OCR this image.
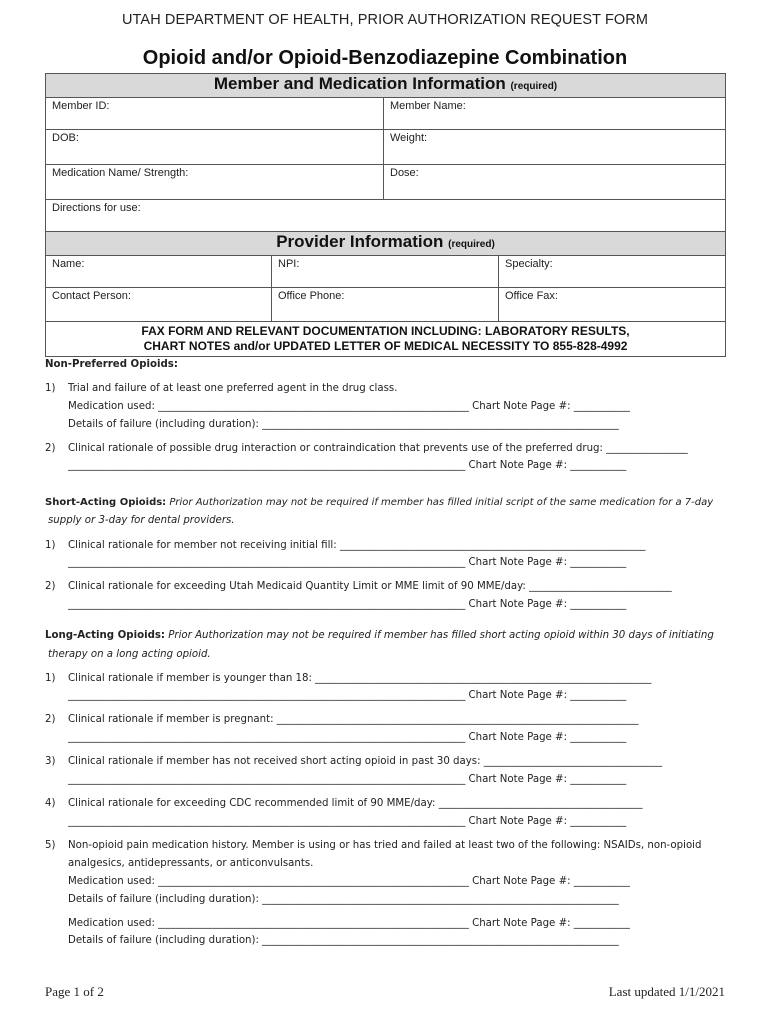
UTAH DEPARTMENT OF HEALTH, PRIOR AUTHORIZATION REQUEST FORM
Opioid and/or Opioid-Benzodiazepine Combination
Member and Medication Information (required)	
Member ID:	Member Name:
DOB:	Weight:
Medication Name/ Strength:	Dose:
Directions for use:	
Provider Information (required)		
Name:	NPI:	Specialty:
Contact Person:	Office Phone:	Office Fax:

FAX FORM AND RELEVANT DOCUMENTATION INCLUDING: LABORATORY RESULTS,
CHART NOTES and/or UPDATED LETTER OF MEDICAL NECESSITY TO 855-828-4992		
Non-Preferred Opioids:
1) Trial and failure of at least one preferred agent in the drug class.
Medication used: _____________________________________________________________ Chart Note Page #: ___________
Details of failure (including duration): ______________________________________________________________________
2) Clinical rationale of possible drug interaction or contraindication that prevents use of the preferred drug: ________________
______________________________________________________________________________ Chart Note Page #: ___________
Short-Acting Opioids: Prior Authorization may not be required if member has filled initial script of the same medication for a 7-day
supply or 3-day for dental providers.
1) Clinical rationale for member not receiving initial fill: ____________________________________________________________
______________________________________________________________________________ Chart Note Page #: ___________
2) Clinical rationale for exceeding Utah Medicaid Quantity Limit or MME limit of 90 MME/day: ____________________________
______________________________________________________________________________ Chart Note Page #: ___________
Long-Acting Opioids: Prior Authorization may not be required if member has filled short acting opioid within 30 days of initiating
therapy on a long acting opioid.
1) Clinical rationale if member is younger than 18: __________________________________________________________________
______________________________________________________________________________ Chart Note Page #: ___________
2) Clinical rationale if member is pregnant: _______________________________________________________________________
______________________________________________________________________________ Chart Note Page #: ___________
3) Clinical rationale if member has not received short acting opioid in past 30 days: ___________________________________
______________________________________________________________________________ Chart Note Page #: ___________
4) Clinical rationale for exceeding CDC recommended limit of 90 MME/day: ________________________________________
______________________________________________________________________________ Chart Note Page #: ___________
5) Non-opioid pain medication history. Member is using or has tried and failed at least two of the following: NSAIDs, non-opioid
analgesics, antidepressants, or anticonvulsants.
Medication used: _____________________________________________________________ Chart Note Page #: ___________
Details of failure (including duration): ______________________________________________________________________
Medication used: _____________________________________________________________ Chart Note Page #: ___________
Details of failure (including duration): ______________________________________________________________________
Page 1 of 2	Last updated 1/1/2021
